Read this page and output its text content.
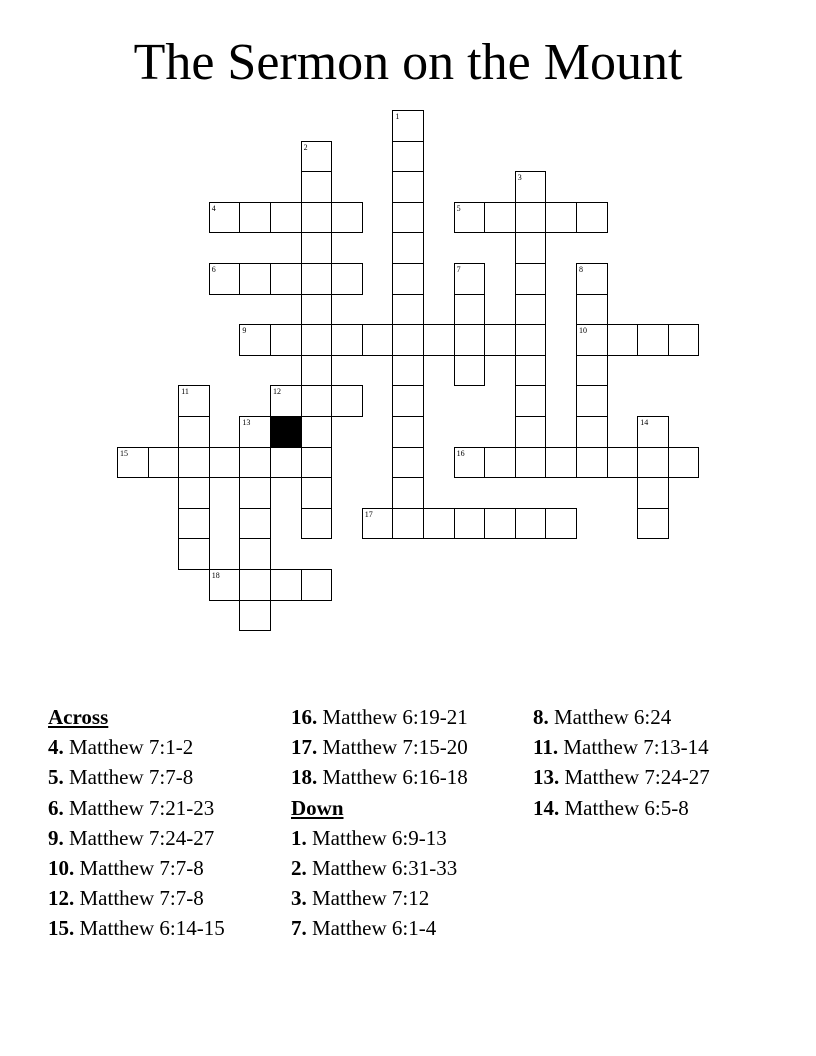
The Sermon on the Mount
1
2
3
4	5
6	7	8
9	10
11	12
13	14
15	16
17
18
Across
4. Matthew 7:1-2
5. Matthew 7:7-8
6. Matthew 7:21-23
9. Matthew 7:24-27
10. Matthew 7:7-8
12. Matthew 7:7-8
15. Matthew 6:14-15
16. Matthew 6:19-21
17. Matthew 7:15-20
18. Matthew 6:16-18
Down
1. Matthew 6:9-13
2. Matthew 6:31-33
3. Matthew 7:12
7. Matthew 6:1-4
8. Matthew 6:24
11. Matthew 7:13-14
13. Matthew 7:24-27
14. Matthew 6:5-8
